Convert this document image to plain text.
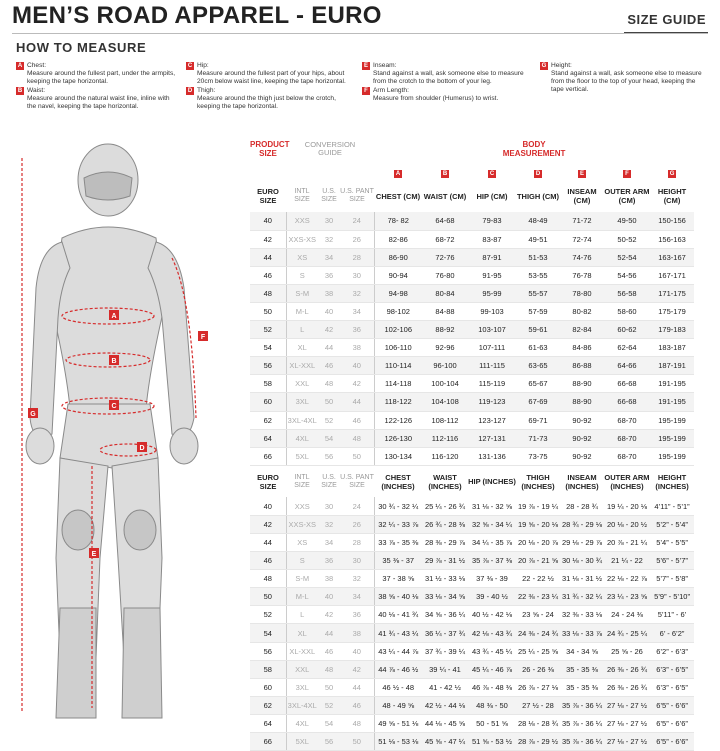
MEN’S ROAD APPAREL - EURO	SIZE GUIDE
HOW TO MEASURE
A Chest:
Measure around the fullest part, under the armpits, keeping the tape horizontal.
B Waist:
Measure around the natural waist line, inline with the navel, keeping the tape horizontal.
C Hip:
Measure around the fullest part of your hips, about 20cm below waist line, keeping the tape horizontal.
D Thigh:
Measure around the thigh just below the crotch, keeping the tape horizontal.
E Inseam:
Stand against a wall, ask someone else to measure from the crotch to the bottom of your leg.
F Arm Length:
Measure from shoulder (Humerus) to wrist.
G Height:
Stand against a wall, ask someone else to measure from the floor to the top of your head, keeping the tape vertical.
A
B
C
D
E
F
G
PRODUCT SIZE	CONVERSION GUIDE			BODY MEASUREMENT						
				A	B	C	D	E	F	G
EURO SIZE	INTL SIZE	U.S. SIZE	U.S. PANT SIZE	CHEST (CM)	WAIST (CM)	HIP (CM)	THIGH (CM)	INSEAM (CM)	OUTER ARM (CM)	HEIGHT (CM)
40	XXS	30	24	78- 82	64-68	79-83	48-49	71-72	49-50	150-156
42	XXS-XS	32	26	82-86	68-72	83-87	49-51	72-74	50-52	156-163
44	XS	34	28	86-90	72-76	87-91	51-53	74-76	52-54	163-167
46	S	36	30	90-94	76-80	91-95	53-55	76-78	54-56	167-171
48	S-M	38	32	94-98	80-84	95-99	55-57	78-80	56-58	171-175
50	M-L	40	34	98-102	84-88	99-103	57-59	80-82	58-60	175-179
52	L	42	36	102-106	88-92	103-107	59-61	82-84	60-62	179-183
54	XL	44	38	106-110	92-96	107-111	61-63	84-86	62-64	183-187
56	XL-XXL	46	40	110-114	96-100	111-115	63-65	86-88	64-66	187-191
58	XXL	48	42	114-118	100-104	115-119	65-67	88-90	66-68	191-195
60	3XL	50	44	118-122	104-108	119-123	67-69	88-90	66-68	191-195
62	3XL-4XL	52	46	122-126	108-112	123-127	69-71	90-92	68-70	195-199
64	4XL	54	48	126-130	112-116	127-131	71-73	90-92	68-70	195-199
66	5XL	56	50	130-134	116-120	131-136	73-75	90-92	68-70	195-199
EURO SIZE	INTL SIZE	U.S. SIZE	U.S. PANT SIZE	CHEST (INCHES)	WAIST (INCHES)	HIP (INCHES)	THIGH (INCHES)	INSEAM (INCHES)	OUTER ARM (INCHES)	HEIGHT (INCHES)
40	XXS	30	24	30 ¾ - 32 ¼	25 ¼ - 26 ¾	31 ⅛ - 32 ⅝	19 ⅞ - 19 ¼	28 - 28 ¾	19 ¼ - 20 ⅛	4’11” - 5’1”
42	XXS-XS	32	26	32 ¼ - 33 ⅞	26 ¾ - 28 ⅜	32 ⅝ - 34 ¼	19 ⅝ - 20 ⅛	28 ¾ - 29 ⅛	20 ⅛ - 20 ½	5’2” - 5’4”
44	XS	34	28	33 ⅞ - 35 ⅜	28 ⅜ - 29 ⅞	34 ¼ - 35 ⅞	20 ⅛ - 20 ⅞	29 ⅛ - 29 ⅞	20 ⅞ - 21 ¼	5’4” - 5’5”
46	S	36	30	35 ⅜ - 37	29 ⅞ - 31 ½	35 ⅞ - 37 ⅜	20 ⅞ - 21 ⅝	30 ⅛ - 30 ¾	21 ¼ - 22	5’6” - 5’7”
48	S-M	38	32	37 - 38 ⅝	31 ½ - 33 ⅛	37 ⅜ - 39	22 - 22 ½	31 ⅛ - 31 ½	22 ⅛ - 22 ⅞	5’7” - 5’8”
50	M-L	40	34	38 ⅝ - 40 ⅛	33 ⅛ - 34 ⅝	39 - 40 ½	22 ⅜ - 23 ¼	31 ¾ - 32 ¼	23 ¼ - 23 ⅝	5’9” - 5’10”
52	L	42	36	40 ⅛ - 41 ¾	34 ⅝ - 36 ¼	40 ½ - 42 ⅛	23 ⅝ - 24	32 ⅜ - 33 ⅛	24 - 24 ⅜	5’11” - 6’
54	XL	44	38	41 ¾ - 43 ¼	36 ¼ - 37 ¾	42 ⅛ - 43 ¾	24 ⅜ - 24 ¾	33 ⅛ - 33 ⅞	24 ¾ - 25 ¼	6’ - 6’2”
56	XL-XXL	46	40	43 ¼ - 44 ⅞	37 ¾ - 39 ¼	43 ¾ - 45 ¼	25 ¼ - 25 ⅝	34 - 34 ⅝	25 ⅝ - 26	6’2” - 6’3”
58	XXL	48	42	44 ⅞ - 46 ½	39 ¼ - 41	45 ¼ - 46 ⅞	26 - 26 ⅜	35 - 35 ⅜	26 ⅜ - 26 ¾	6’3” - 6’5”
60	3XL	50	44	46 ½ - 48	41 - 42 ½	46 ⅞ - 48 ⅜	26 ⅞ - 27 ⅛	35 - 35 ⅜	26 ⅜ - 26 ¾	6’3” - 6’5”
62	3XL-4XL	52	46	48 - 49 ⅝	42 ½ - 44 ⅛	48 ⅜ - 50	27 ½ - 28	35 ⅞ - 36 ¼	27 ⅛ - 27 ½	6’5” - 6’6”
64	4XL	54	48	49 ⅝ - 51 ⅛	44 ⅛ - 45 ⅝	50 - 51 ⅝	28 ⅛ - 28 ¾	35 ⅞ - 36 ¼	27 ⅛ - 27 ½	6’5” - 6’6”
66	5XL	56	50	51 ⅛ - 53 ⅛	45 ⅝ - 47 ¼	51 ⅝ - 53 ½	28 ⅞ - 29 ½	35 ⅞ - 36 ¼	27 ⅛ - 27 ½	6’5” - 6’6”
